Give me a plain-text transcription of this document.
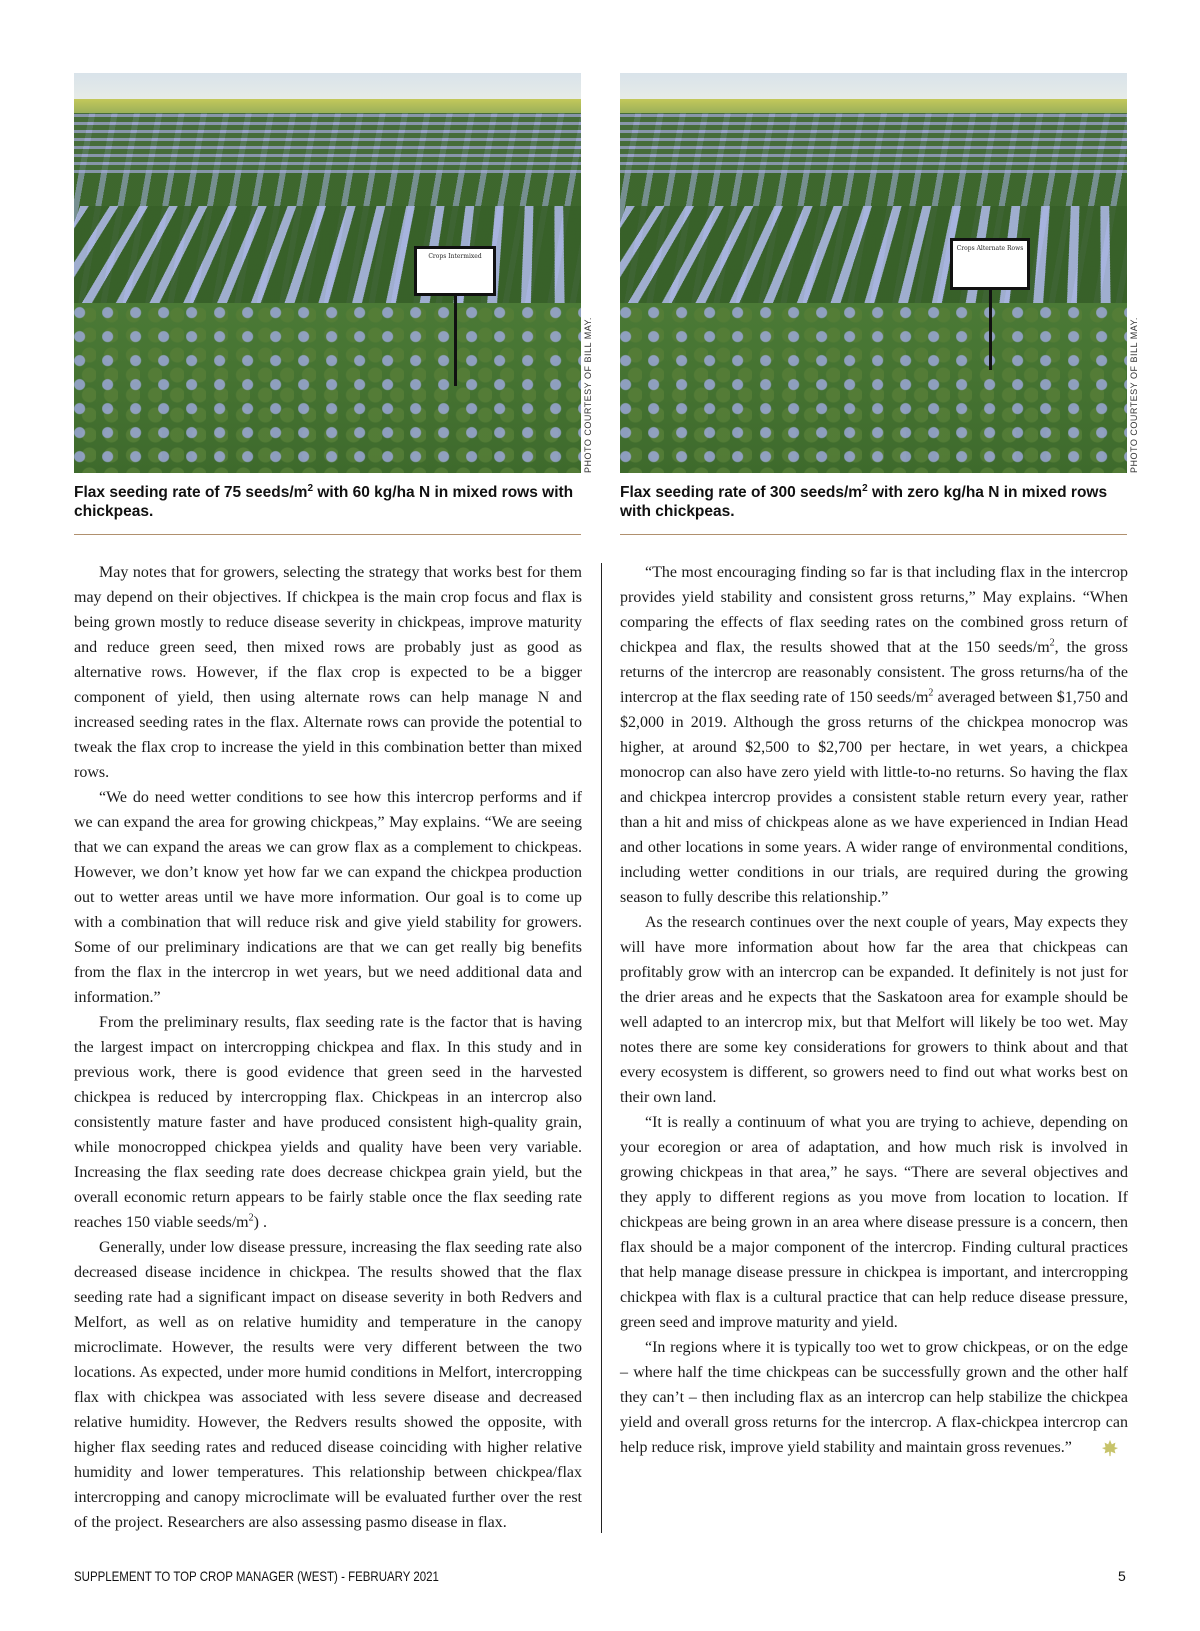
Crops Intermixed
PHOTO COURTESY OF BILL MAY.
Crops Alternate Rows
PHOTO COURTESY OF BILL MAY.
Flax seeding rate of 75 seeds/$m^2$ with 60 kg/ha N in mixed rows with chickpeas.
Flax seeding rate of 300 seeds/$m^2$ with zero kg/ha N in mixed rows with chickpeas.

May notes that for growers, selecting the strategy that works best for them may depend on their objectives. If chickpea is the main crop focus and flax is being grown mostly to reduce disease severity in chickpeas, improve maturity and reduce green seed, then mixed rows are probably just as good as alternative rows. However, if the flax crop is expected to be a bigger component of yield, then using alternate rows can help manage N and increased seeding rates in the flax. Alternate rows can provide the potential to tweak the flax crop to increase the yield in this combination better than mixed rows.

“We do need wetter conditions to see how this intercrop performs and if we can expand the area for growing chickpeas,” May explains. “We are seeing that we can expand the areas we can grow flax as a complement to chickpeas. However, we don’t know yet how far we can expand the chickpea production out to wetter areas until we have more information. Our goal is to come up with a combination that will reduce risk and give yield stability for growers. Some of our preliminary indications are that we can get really big benefits from the flax in the intercrop in wet years, but we need additional data and information.”

From the preliminary results, flax seeding rate is the factor that is having the largest impact on intercropping chickpea and flax. In this study and in previous work, there is good evidence that green seed in the harvested chickpea is reduced by intercropping flax. Chickpeas in an intercrop also consistently mature faster and have produced consistent high-quality grain, while monocropped chickpea yields and quality have been very variable. Increasing the flax seeding rate does decrease chickpea grain yield, but the overall economic return appears to be fairly stable once the flax seeding rate reaches 150 viable seeds/$m^2$) .

Generally, under low disease pressure, increasing the flax seeding rate also decreased disease incidence in chickpea. The results showed that the flax seeding rate had a significant impact on disease severity in both Redvers and Melfort, as well as on relative humidity and temperature in the canopy microclimate. However, the results were very different between the two locations. As expected, under more humid conditions in Melfort, intercropping flax with chickpea was associated with less severe disease and decreased relative humidity. However, the Redvers results showed the opposite, with higher flax seeding rates and reduced disease coinciding with higher relative humidity and lower temperatures. This relationship between chickpea/flax intercropping and canopy microclimate will be evaluated further over the rest of the project. Researchers are also assessing pasmo disease in flax.

“The most encouraging finding so far is that including flax in the intercrop provides yield stability and consistent gross returns,” May explains. “When comparing the effects of flax seeding rates on the combined gross return of chickpea and flax, the results showed that at the 150 seeds/$m^2$, the gross returns of the intercrop are reasonably consistent. The gross returns/ha of the intercrop at the flax seeding rate of 150 seeds/$m^2$ averaged between $1,750 and $2,000 in 2019. Although the gross returns of the chickpea monocrop was higher, at around $2,500 to $2,700 per hectare, in wet years, a chickpea monocrop can also have zero yield with little-to-no returns. So having the flax and chickpea intercrop provides a consistent stable return every year, rather than a hit and miss of chickpeas alone as we have experienced in Indian Head and other locations in some years. A wider range of environmental conditions, including wetter conditions in our trials, are required during the growing season to fully describe this relationship.”

As the research continues over the next couple of years, May expects they will have more information about how far the area that chickpeas can profitably grow with an intercrop can be expanded. It definitely is not just for the drier areas and he expects that the Saskatoon area for example should be well adapted to an intercrop mix, but that Melfort will likely be too wet. May notes there are some key considerations for growers to think about and that every ecosystem is different, so growers need to find out what works best on their own land.

“It is really a continuum of what you are trying to achieve, depending on your ecoregion or area of adaptation, and how much risk is involved in growing chickpeas in that area,” he says. “There are several objectives and they apply to different regions as you move from location to location. If chickpeas are being grown in an area where disease pressure is a concern, then flax should be a major component of the intercrop. Finding cultural practices that help manage disease pressure in chickpea is important, and intercropping chickpea with flax is a cultural practice that can help reduce disease pressure, green seed and improve maturity and yield.

“In regions where it is typically too wet to grow chickpeas, or on the edge – where half the time chickpeas can be successfully grown and the other half they can’t – then including flax as an intercrop can help stabilize the chickpea yield and overall gross returns for the intercrop. A flax-chickpea intercrop can help reduce risk, improve yield stability and maintain gross revenues.”

SUPPLEMENT TO TOP CROP MANAGER (WEST) - FEBRUARY 2021	5
